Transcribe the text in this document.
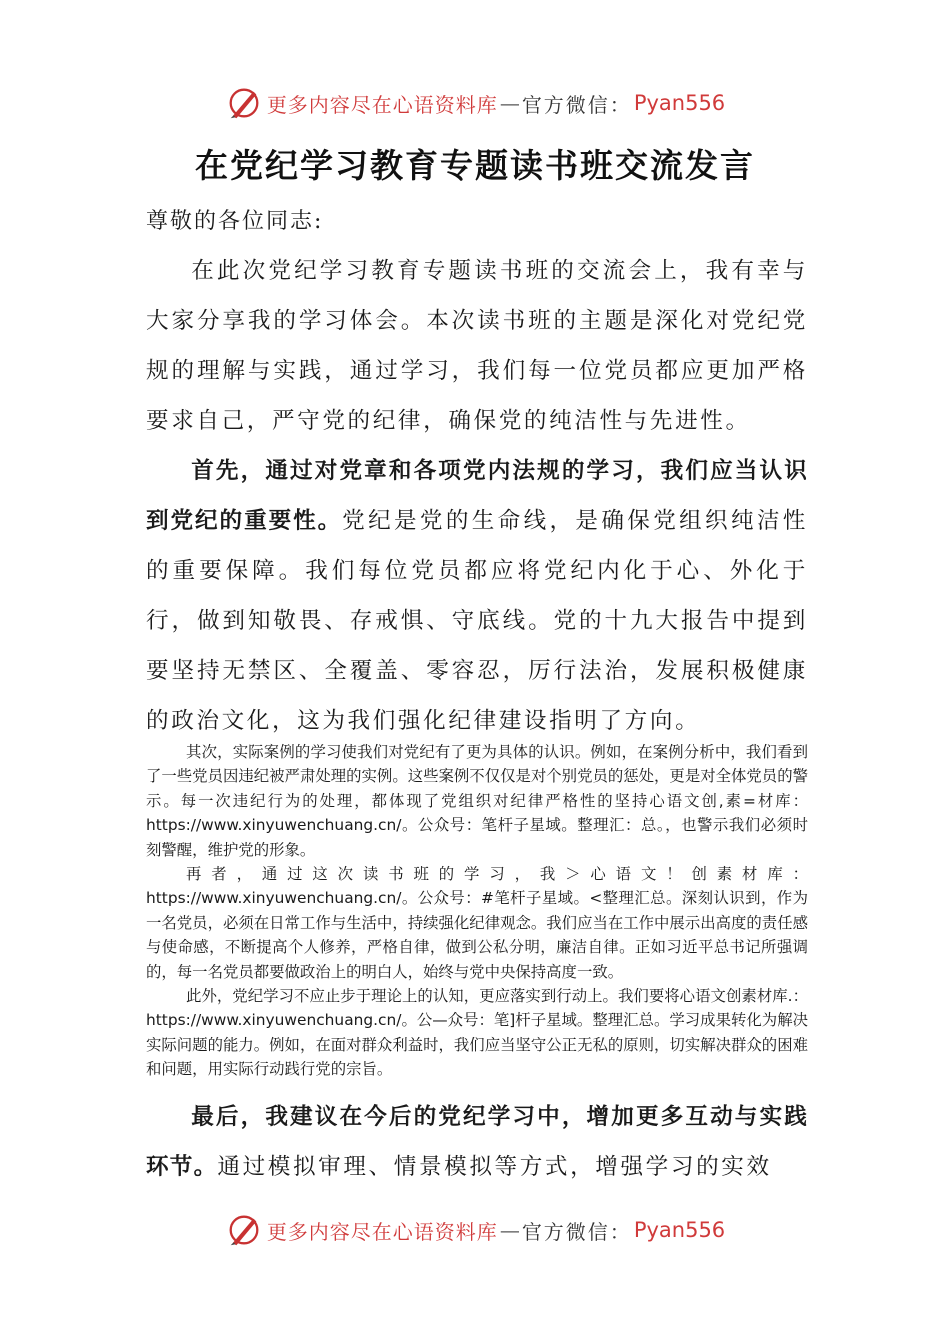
更多内容尽在心语资料库 — 官方微信： Pyan556
在党纪学习教育专题读书班交流发言
尊敬的各位同志:

在此次党纪学习教育专题读书班的交流会上，我有幸与大家分享我的学习体会。本次读书班的主题是深化对党纪党规的理解与实践，通过学习，我们每一位党员都应更加严格要求自己，严守党的纪律，确保党的纯洁性与先进性。

首先，通过对党章和各项党内法规的学习，我们应当认识到党纪的重要性。党纪是党的生命线，是确保党组织纯洁性的重要保障。我们每位党员都应将党纪内化于心、外化于行，做到知敬畏、存戒惧、守底线。党的十九大报告中提到要坚持无禁区、全覆盖、零容忍，厉行法治，发展积极健康的政治文化，这为我们强化纪律建设指明了方向。

其次，实际案例的学习使我们对党纪有了更为具体的认识。例如，在案例分析中，我们看到了一些党员因违纪被严肃处理的实例。这些案例不仅仅是对个别党员的惩处，更是对全体党员的警示。每一次违纪行为的处理，都体现了党组织对纪律严格性的坚持心语文创,素=材库：https://www.xinyuwenchuang.cn/。公众号：笔杆子星域。整理汇：总。，也警示我们必须时刻警醒，维护党的形象。

再者，通过这次读书班的学习，我＞心语文！创素材库：https://www.xinyuwenchuang.cn/。公众号：#笔杆子星域。<整理汇总。深刻认识到，作为一名党员，必须在日常工作与生活中，持续强化纪律观念。我们应当在工作中展示出高度的责任感与使命感，不断提高个人修养，严格自律，做到公私分明，廉洁自律。正如习近平总书记所强调的，每一名党员都要做政治上的明白人，始终与党中央保持高度一致。

此外，党纪学习不应止步于理论上的认知，更应落实到行动上。我们要将心语文创素材库.：https://www.xinyuwenchuang.cn/。公—众号：笔]杆子星域。整理汇总。学习成果转化为解决实际问题的能力。例如，在面对群众利益时，我们应当坚守公正无私的原则，切实解决群众的困难和问题，用实际行动践行党的宗旨。

最后，我建议在今后的党纪学习中，增加更多互动与实践环节。通过模拟审理、情景模拟等方式，增强学习的实效

更多内容尽在心语资料库 — 官方微信： Pyan556
